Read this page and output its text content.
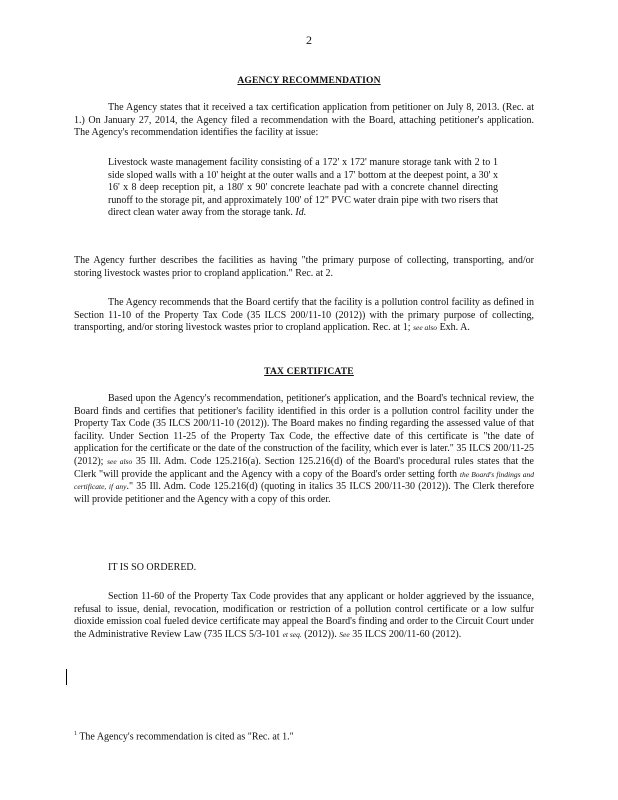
2
AGENCY RECOMMENDATION

The Agency states that it received a tax certification application from petitioner on July 8, 2013. (Rec. at 1.) On January 27, 2014, the Agency filed a recommendation with the Board, attaching petitioner's application. The Agency's recommendation identifies the facility at issue:

Livestock waste management facility consisting of a 172' x 172' manure storage tank with 2 to 1 side sloped walls with a 10' height at the outer walls and a 17' bottom at the deepest point, a 30' x 16' x 8 deep reception pit, a 180' x 90' concrete leachate pad with a concrete channel directing runoff to the storage pit, and approximately 100' of 12" PVC water drain pipe with two risers that direct clean water away from the storage tank. Id.

The Agency further describes the facilities as having "the primary purpose of collecting, transporting, and/or storing livestock wastes prior to cropland application." Rec. at 2.

The Agency recommends that the Board certify that the facility is a pollution control facility as defined in Section 11-10 of the Property Tax Code (35 ILCS 200/11-10 (2012)) with the primary purpose of collecting, transporting, and/or storing livestock wastes prior to cropland application. Rec. at 1; see also Exh. A.

TAX CERTIFICATE

Based upon the Agency's recommendation, petitioner's application, and the Board's technical review, the Board finds and certifies that petitioner's facility identified in this order is a pollution control facility under the Property Tax Code (35 ILCS 200/11-10 (2012)). The Board makes no finding regarding the assessed value of that facility. Under Section 11-25 of the Property Tax Code, the effective date of this certificate is "the date of application for the certificate or the date of the construction of the facility, which ever is later." 35 ILCS 200/11-25 (2012); see also 35 Ill. Adm. Code 125.216(a). Section 125.216(d) of the Board's procedural rules states that the Clerk "will provide the applicant and the Agency with a copy of the Board's order setting forth the Board's findings and certificate, if any." 35 Ill. Adm. Code 125.216(d) (quoting in italics 35 ILCS 200/11-30 (2012)). The Clerk therefore will provide petitioner and the Agency with a copy of this order.

IT IS SO ORDERED.

Section 11-60 of the Property Tax Code provides that any applicant or holder aggrieved by the issuance, refusal to issue, denial, revocation, modification or restriction of a pollution control certificate or a low sulfur dioxide emission coal fueled device certificate may appeal the Board's finding and order to the Circuit Court under the Administrative Review Law (735 ILCS 5/3-101 et seq. (2012)). See 35 ILCS 200/11-60 (2012).

$^1$ The Agency's recommendation is cited as "Rec. at 1."
